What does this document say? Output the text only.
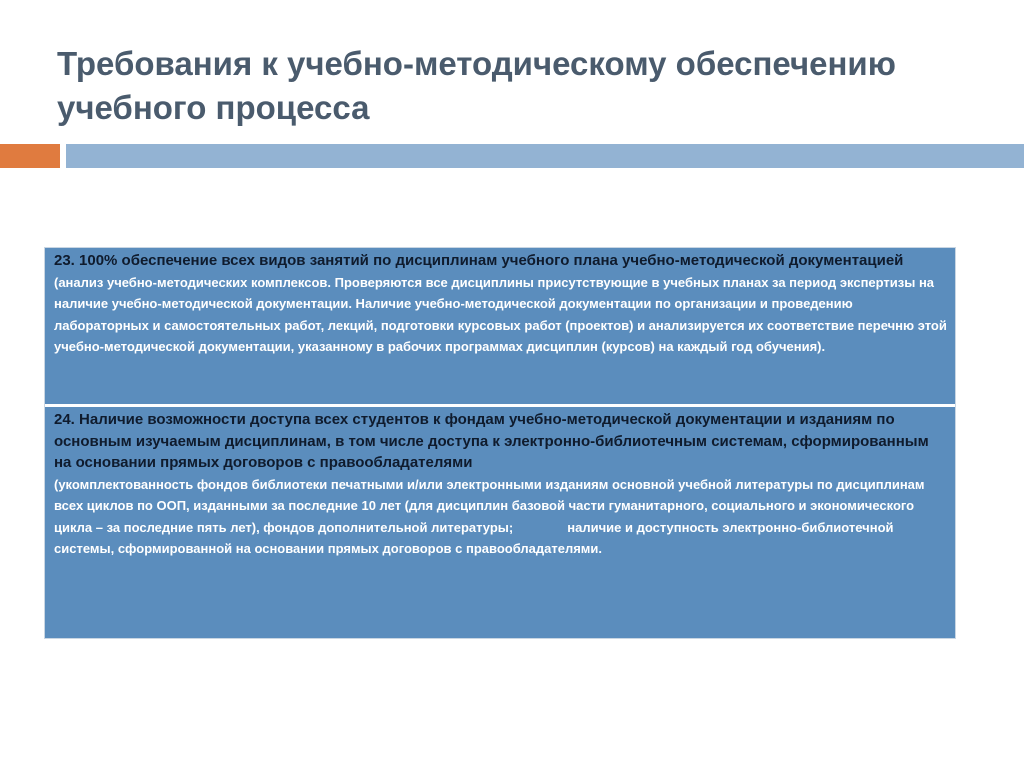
Требования к учебно-методическому обеспечению учебного процесса

23. 100% обеспечение всех видов занятий по дисциплинам учебного плана учебно-методической документацией (анализ учебно-методических комплексов. Проверяются все дисциплины присутствующие в учебных планах за период экспертизы на наличие учебно-методической документации. Наличие учебно-методической документации по организации и проведению лабораторных и самостоятельных работ, лекций, подготовки курсовых работ (проектов) и анализируется их соответствие перечню этой учебно-методической документации, указанному в рабочих программах дисциплин (курсов) на каждый год обучения).

24. Наличие возможности доступа всех студентов к фондам учебно-методической документации и изданиям по основным изучаемым дисциплинам, в том числе доступа к электронно-библиотечным системам, сформированным на основании прямых договоров с правообладателями

(укомплектованность фондов библиотеки печатными и/или электронными изданиям основной учебной литературы по дисциплинам всех циклов по ООП, изданными за последние 10 лет (для дисциплин базовой части гуманитарного, социального и экономического цикла – за последние пять лет), фондов дополнительной литературы;	наличие и доступность электронно-библиотечной системы, сформированной на основании прямых договоров с правообладателями.
